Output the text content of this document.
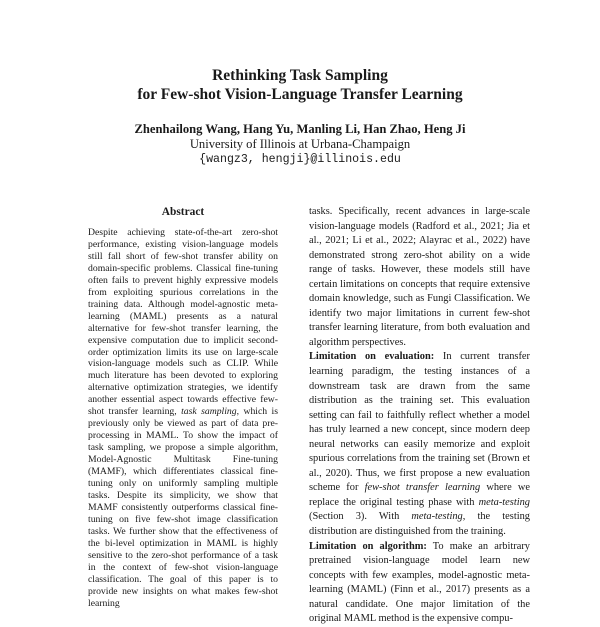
Rethinking Task Sampling
for Few-shot Vision-Language Transfer Learning
Zhenhailong Wang, Hang Yu, Manling Li, Han Zhao, Heng Ji
University of Illinois at Urbana-Champaign
{wangz3, hengji}@illinois.edu
Abstract

Despite achieving state-of-the-art zero-shot performance, existing vision-language models still fall short of few-shot transfer ability on domain-specific problems. Classical fine-tuning often fails to prevent highly expressive models from exploiting spurious correlations in the training data. Although model-agnostic meta-learning (MAML) presents as a natural alternative for few-shot transfer learning, the expensive computation due to implicit second-order optimization limits its use on large-scale vision-language models such as CLIP. While much literature has been devoted to exploring alternative optimization strategies, we identify another essential aspect towards effective few-shot transfer learning, task sampling, which is previously only be viewed as part of data pre-processing in MAML. To show the impact of task sampling, we propose a simple algorithm, Model-Agnostic Multitask Fine-tuning (MAMF), which differentiates classical fine-tuning only on uniformly sampling multiple tasks. Despite its simplicity, we show that MAMF consistently outperforms classical fine-tuning on five few-shot image classification tasks. We further show that the effectiveness of the bi-level optimization in MAML is highly sensitive to the zero-shot performance of a task in the context of few-shot vision-language classification. The goal of this paper is to provide new insights on what makes few-shot learning

tasks. Specifically, recent advances in large-scale vision-language models (Radford et al., 2021; Jia et al., 2021; Li et al., 2022; Alayrac et al., 2022) have demonstrated strong zero-shot ability on a wide range of tasks. However, these models still have certain limitations on concepts that require extensive domain knowledge, such as Fungi Classification. We identify two major limitations in current few-shot transfer learning literature, from both evaluation and algorithm perspectives.

Limitation on evaluation: In current transfer learning paradigm, the testing instances of a downstream task are drawn from the same distribution as the training set. This evaluation setting can fail to faithfully reflect whether a model has truly learned a new concept, since modern deep neural networks can easily memorize and exploit spurious correlations from the training set (Brown et al., 2020). Thus, we first propose a new evaluation scheme for few-shot transfer learning where we replace the original testing phase with meta-testing (Section 3). With meta-testing, the testing distribution are distinguished from the training.

Limitation on algorithm: To make an arbitrary pretrained vision-language model learn new concepts with few examples, model-agnostic meta-learning (MAML) (Finn et al., 2017) presents as a natural candidate. One major limitation of the original MAML method is the expensive compu-
